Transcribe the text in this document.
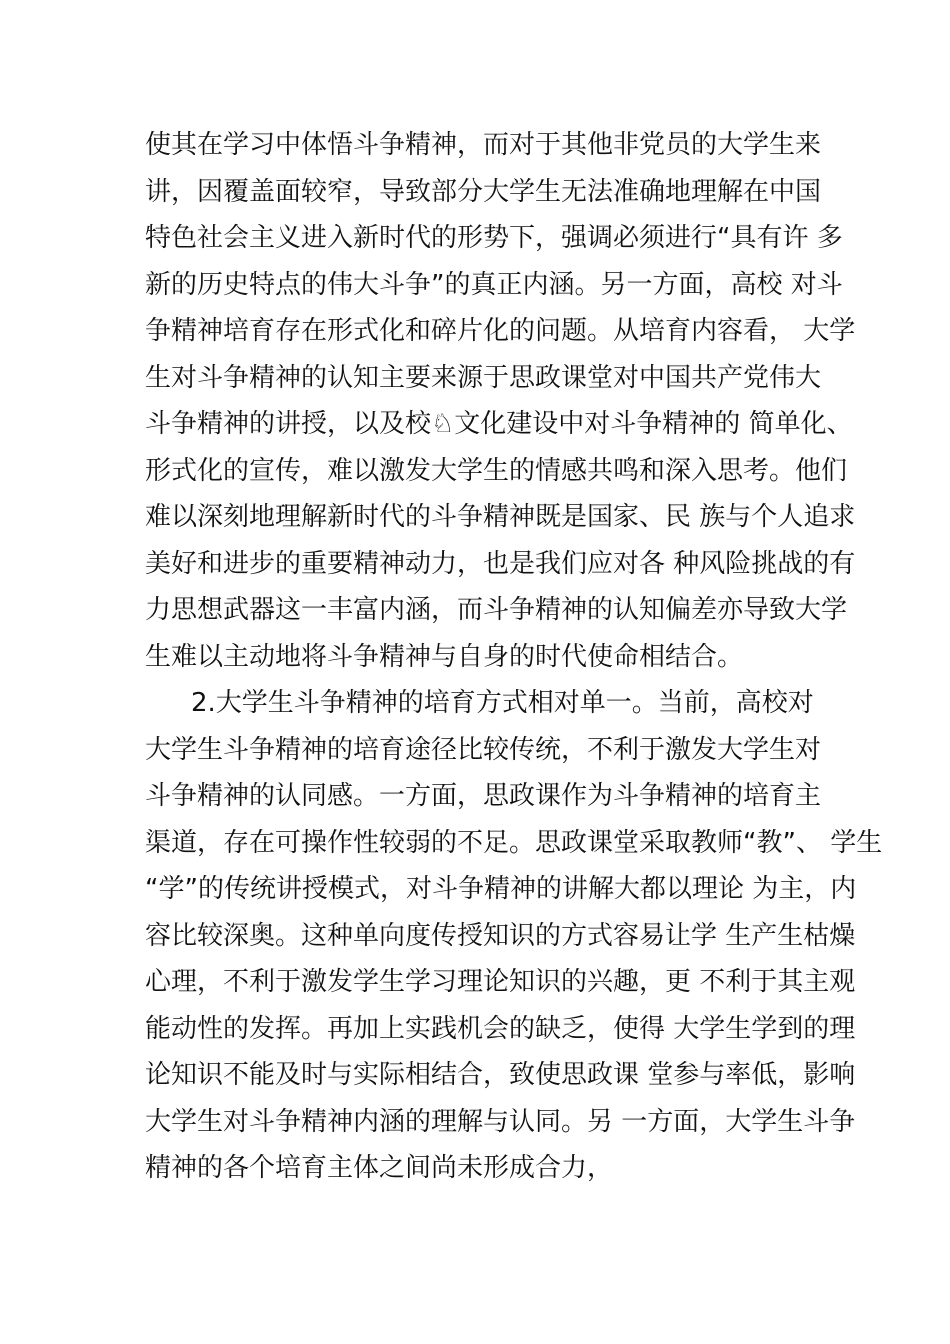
使其在学习中体悟斗争精神，而对于其他非党员的大学生来
讲，因覆盖面较窄，导致部分大学生无法准确地理解在中国
特色社会主义进入新时代的形势下，强调必须进行“具有许 多
新的历史特点的伟大斗争”的真正内涵。另一方面，高校 对斗
争精神培育存在形式化和碎片化的问题。从培育内容看， 大学
生对斗争精神的认知主要来源于思政课堂对中国共产党伟大
斗争精神的讲授，以及校♘文化建设中对斗争精神的 简单化、
形式化的宣传，难以激发大学生的情感共鸣和深入思考。他们
难以深刻地理解新时代的斗争精神既是国家、民 族与个人追求
美好和进步的重要精神动力，也是我们应对各 种风险挑战的有
力思想武器这一丰富内涵，而斗争精神的认知偏差亦导致大学
生难以主动地将斗争精神与自身的时代使命相结合。
2.大学生斗争精神的培育方式相对单一。当前，高校对
大学生斗争精神的培育途径比较传统，不利于激发大学生对
斗争精神的认同感。一方面，思政课作为斗争精神的培育主
渠道，存在可操作性较弱的不足。思政课堂采取教师“教”、 学生
“学”的传统讲授模式，对斗争精神的讲解大都以理论 为主，内
容比较深奥。这种单向度传授知识的方式容易让学 生产生枯燥
心理，不利于激发学生学习理论知识的兴趣，更 不利于其主观
能动性的发挥。再加上实践机会的缺乏，使得 大学生学到的理
论知识不能及时与实际相结合，致使思政课 堂参与率低，影响
大学生对斗争精神内涵的理解与认同。另 一方面，大学生斗争
精神的各个培育主体之间尚未形成合力，
